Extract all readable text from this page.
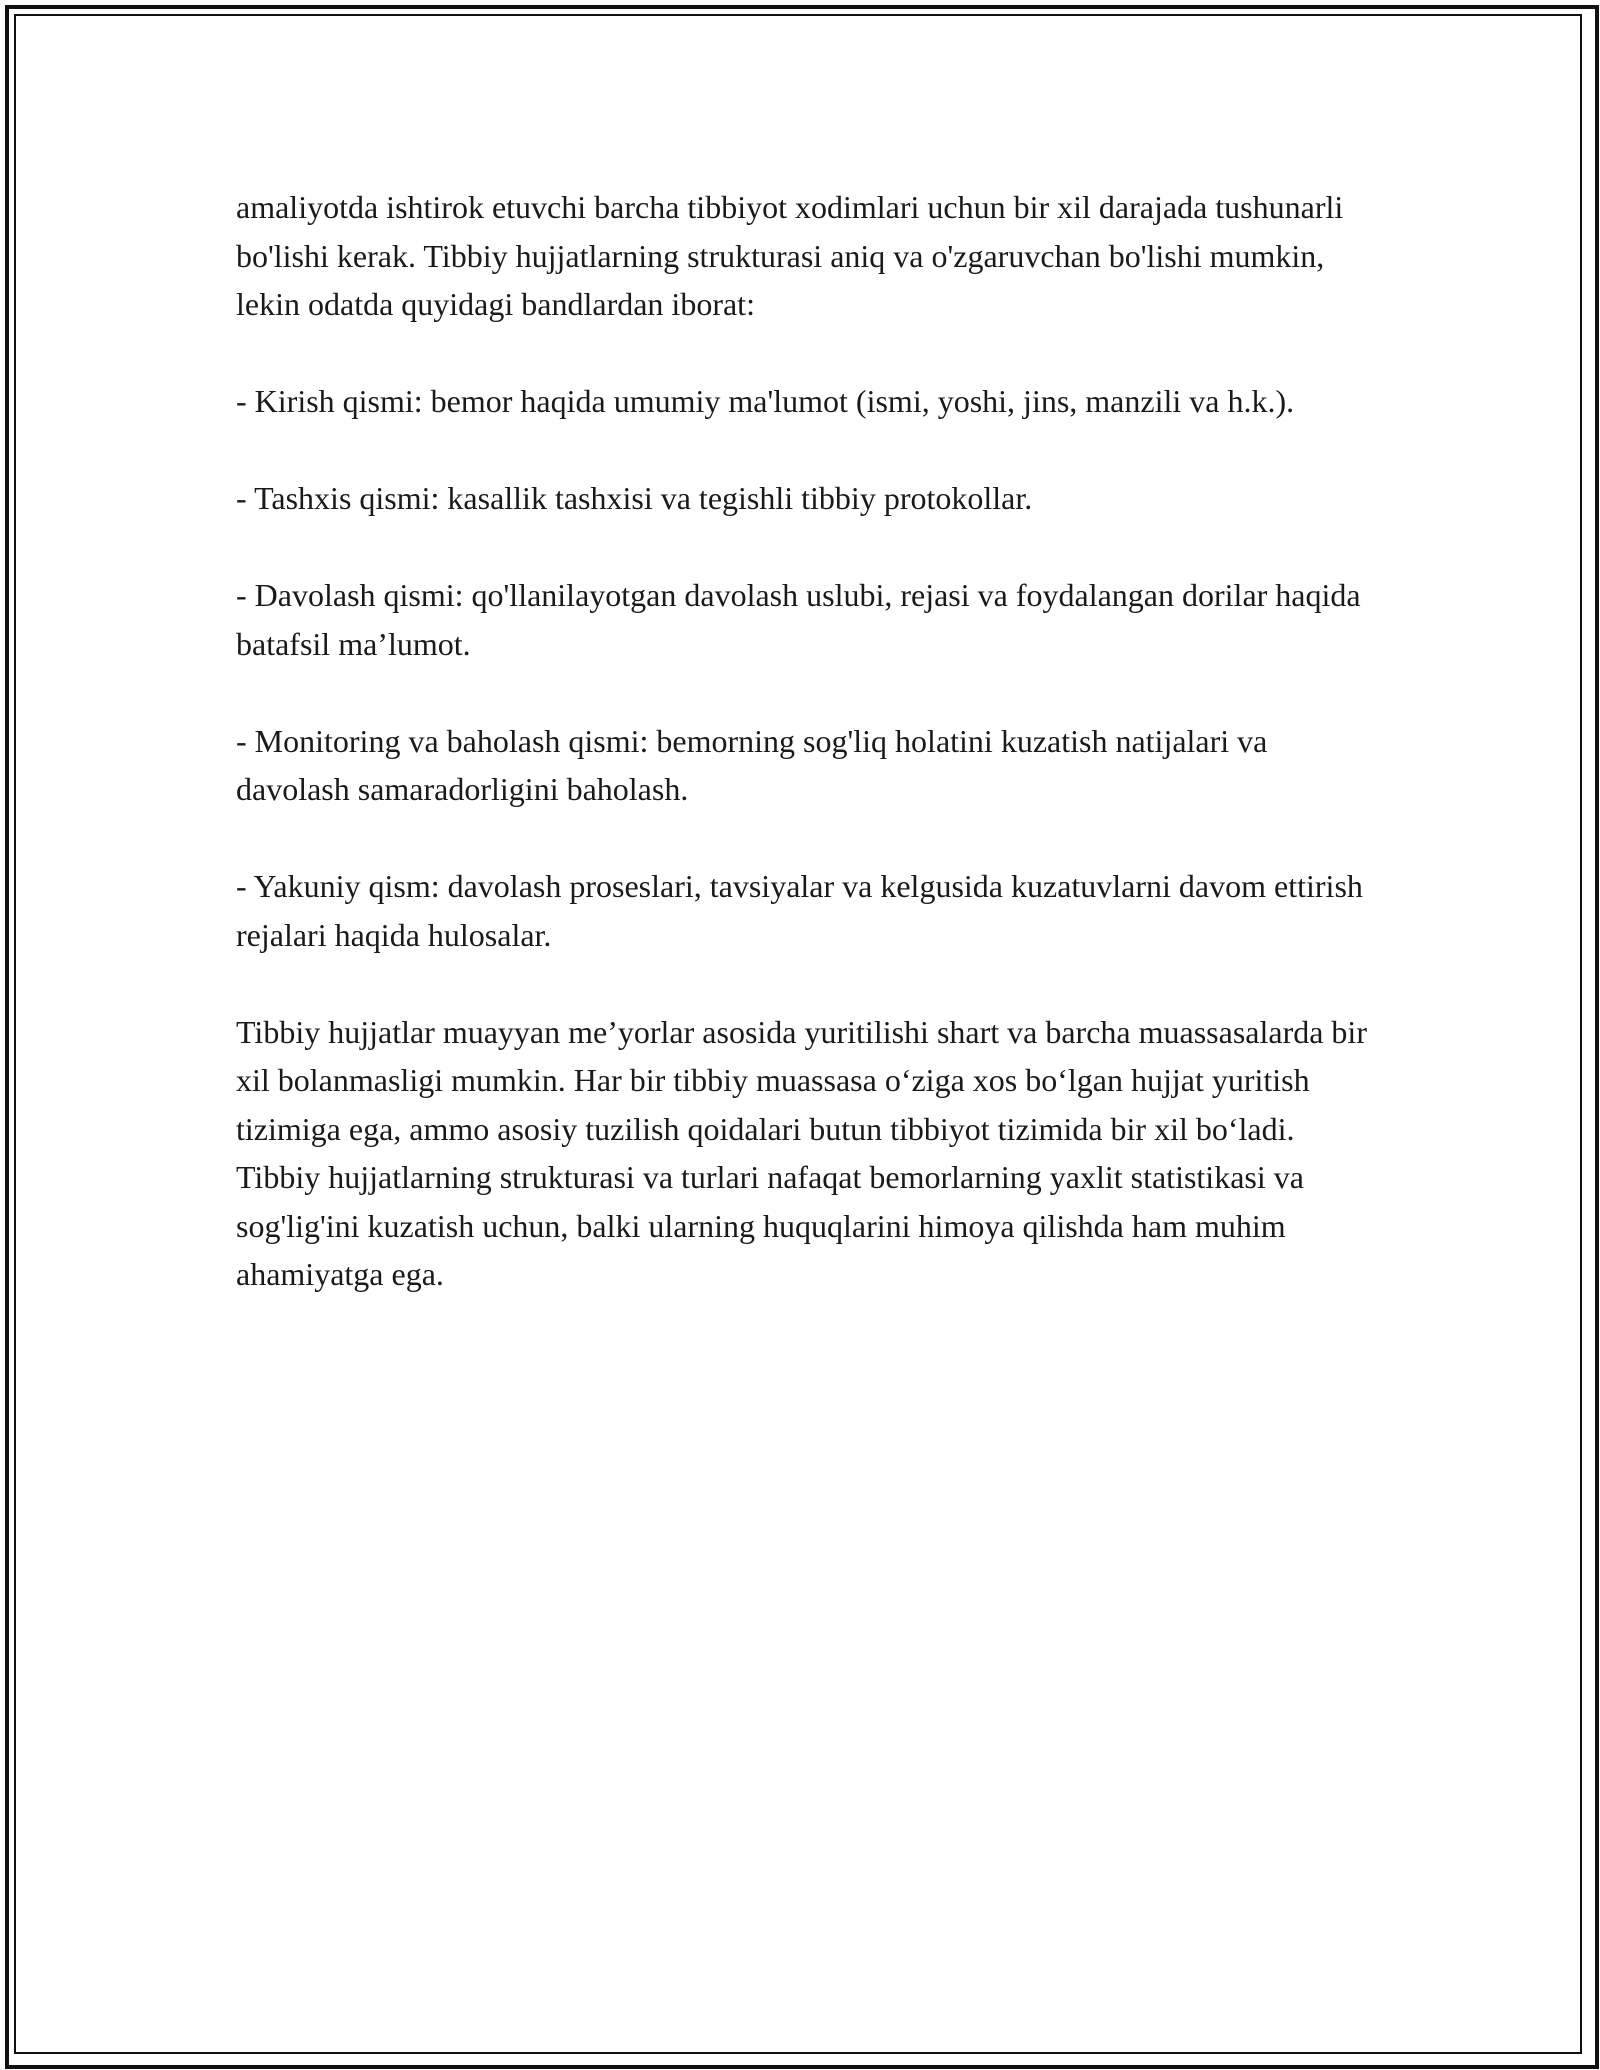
amaliyotda ishtirok etuvchi barcha tibbiyot xodimlari uchun bir xil darajada tushunarli bo'lishi kerak. Tibbiy hujjatlarning strukturasi aniq va o'zgaruvchan bo'lishi mumkin, lekin odatda quyidagi bandlardan iborat:

- Kirish qismi: bemor haqida umumiy ma'lumot (ismi, yoshi, jins, manzili va h.k.).

- Tashxis qismi: kasallik tashxisi va tegishli tibbiy protokollar.

- Davolash qismi: qo'llanilayotgan davolash uslubi, rejasi va foydalangan dorilar haqida batafsil ma’lumot.

- Monitoring va baholash qismi: bemorning sog'liq holatini kuzatish natijalari va davolash samaradorligini baholash.

- Yakuniy qism: davolash proseslari, tavsiyalar va kelgusida kuzatuvlarni davom ettirish rejalari haqida hulosalar.

Tibbiy hujjatlar muayyan me’yorlar asosida yuritilishi shart va barcha muassasalarda bir xil bolanmasligi mumkin. Har bir tibbiy muassasa o‘ziga xos bo‘lgan hujjat yuritish tizimiga ega, ammo asosiy tuzilish qoidalari butun tibbiyot tizimida bir xil bo‘ladi. Tibbiy hujjatlarning strukturasi va turlari nafaqat bemorlarning yaxlit statistikasi va sog'lig'ini kuzatish uchun, balki ularning huquqlarini himoya qilishda ham muhim ahamiyatga ega.
